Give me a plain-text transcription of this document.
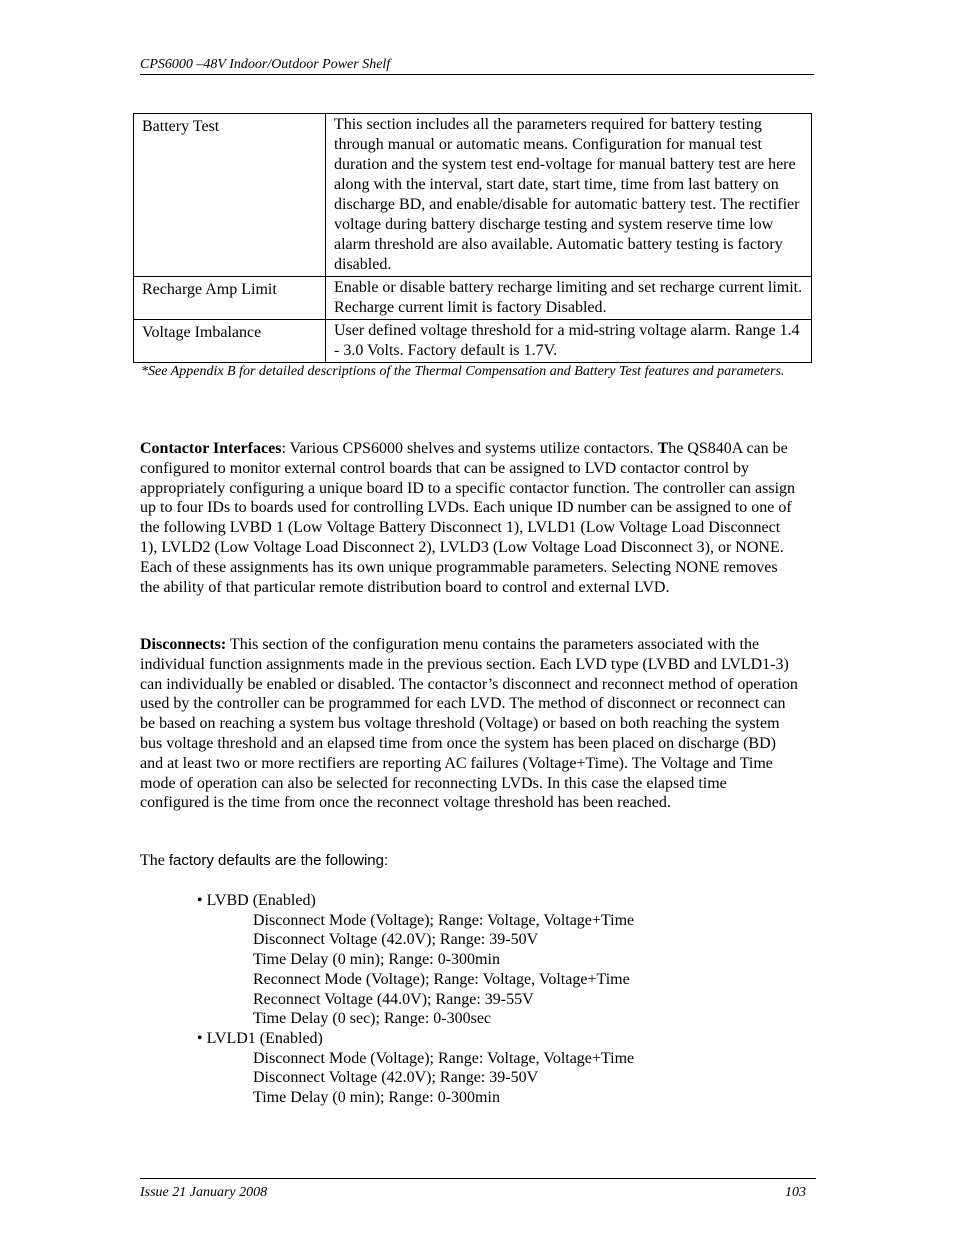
CPS6000 –48V Indoor/Outdoor Power Shelf
Battery Test	This section includes all the parameters required for battery testing through manual or automatic means. Configuration for manual test duration and the system test end-voltage for manual battery test are here along with the interval, start date, start time, time from last battery on discharge BD, and enable/disable for automatic battery test. The rectifier voltage during battery discharge testing and system reserve time low alarm threshold are also available. Automatic battery testing is factory disabled.
Recharge Amp Limit	Enable or disable battery recharge limiting and set recharge current limit. Recharge current limit is factory Disabled.
Voltage Imbalance	User defined voltage threshold for a mid-string voltage alarm. Range 1.4 - 3.0 Volts. Factory default is 1.7V.
*See Appendix B for detailed descriptions of the Thermal Compensation and Battery Test features and parameters.
Contactor Interfaces: Various CPS6000 shelves and systems utilize contactors. The QS840A can be configured to monitor external control boards that can be assigned to LVD contactor control by appropriately configuring a unique board ID to a specific contactor function. The controller can assign up to four IDs to boards used for controlling LVDs. Each unique ID number can be assigned to one of the following LVBD 1 (Low Voltage Battery Disconnect 1), LVLD1 (Low Voltage Load Disconnect 1), LVLD2 (Low Voltage Load Disconnect 2), LVLD3 (Low Voltage Load Disconnect 3), or NONE. Each of these assignments has its own unique programmable parameters. Selecting NONE removes the ability of that particular remote distribution board to control and external LVD.
Disconnects: This section of the configuration menu contains the parameters associated with the individual function assignments made in the previous section. Each LVD type (LVBD and LVLD1-3) can individually be enabled or disabled. The contactor’s disconnect and reconnect method of operation used by the controller can be programmed for each LVD. The method of disconnect or reconnect can be based on reaching a system bus voltage threshold (Voltage) or based on both reaching the system bus voltage threshold and an elapsed time from once the system has been placed on discharge (BD) and at least two or more rectifiers are reporting AC failures (Voltage+Time). The Voltage and Time mode of operation can also be selected for reconnecting LVDs. In this case the elapsed time configured is the time from once the reconnect voltage threshold has been reached.
The factory defaults are the following:
• LVBD (Enabled)
Disconnect Mode (Voltage); Range: Voltage, Voltage+Time
Disconnect Voltage (42.0V); Range: 39-50V
Time Delay (0 min); Range: 0-300min
Reconnect Mode (Voltage); Range: Voltage, Voltage+Time
Reconnect Voltage (44.0V); Range: 39-55V
Time Delay (0 sec); Range: 0-300sec
• LVLD1 (Enabled)
Disconnect Mode (Voltage); Range: Voltage, Voltage+Time
Disconnect Voltage (42.0V); Range: 39-50V
Time Delay (0 min); Range: 0-300min
Issue 21 January 2008	103
